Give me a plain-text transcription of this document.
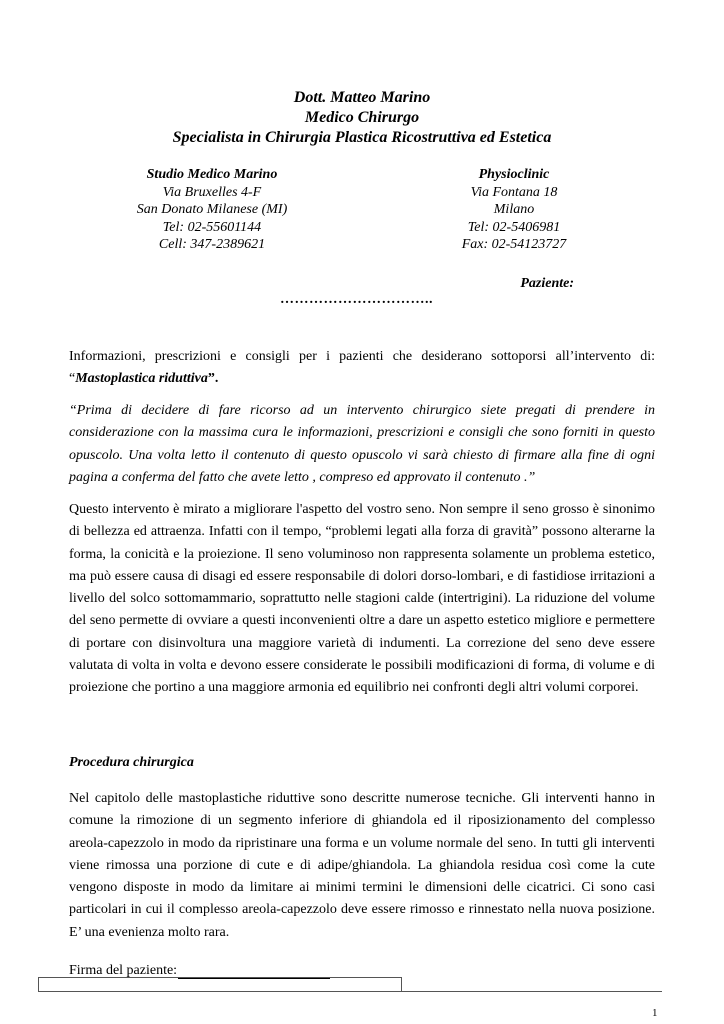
Dott. Matteo Marino
Medico Chirurgo
Specialista in Chirurgia Plastica Ricostruttiva ed Estetica
Studio Medico Marino
Via Bruxelles 4-F
San Donato Milanese (MI)
Tel: 02-55601144
Cell: 347-2389621
Physioclinic
Via Fontana 18
Milano
Tel: 02-5406981
Fax: 02-54123727
Paziente:
…………………………..
Informazioni, prescrizioni e consigli per i pazienti che desiderano sottoporsi all’intervento di: “Mastoplastica riduttiva”.
“Prima di decidere di fare ricorso ad un intervento chirurgico siete pregati di prendere in considerazione con la massima cura le informazioni, prescrizioni e consigli che sono forniti in questo opuscolo. Una volta letto il contenuto di questo opuscolo vi sarà chiesto di firmare alla fine di ogni pagina a conferma del fatto che avete letto , compreso ed approvato il contenuto .”
Questo intervento è mirato a migliorare l'aspetto del vostro seno. Non sempre il seno grosso è sinonimo di bellezza ed attraenza. Infatti con il tempo, “problemi legati alla forza di gravità” possono alterarne la forma, la conicità e la proiezione. Il seno voluminoso non rappresenta solamente un problema estetico, ma può essere causa di disagi ed essere responsabile di dolori dorso-lombari, e di fastidiose irritazioni a livello del solco sottomammario, soprattutto nelle stagioni calde (intertrigini). La riduzione del volume del seno permette di ovviare a questi inconvenienti oltre a dare un aspetto estetico migliore e permettere di portare con disinvoltura una maggiore varietà di indumenti. La correzione del seno deve essere valutata di volta in volta e devono essere considerate le possibili modificazioni di forma, di volume e di proiezione che portino a una maggiore armonia ed equilibrio nei confronti degli altri volumi corporei.
Procedura chirurgica
Nel capitolo delle mastoplastiche riduttive sono descritte numerose tecniche. Gli interventi hanno in comune la rimozione di un segmento inferiore di ghiandola ed il riposizionamento del complesso areola-capezzolo in modo da ripristinare una forma e un volume normale del seno. In tutti gli interventi viene rimossa una porzione di cute e di adipe/ghiandola. La ghiandola residua così come la cute vengono disposte in modo da limitare ai minimi termini le dimensioni delle cicatrici. Ci sono casi particolari in cui il complesso areola-capezzolo deve essere rimosso e rinnestato nella nuova posizione. E’ una evenienza molto rara.
Firma del paziente:
1
